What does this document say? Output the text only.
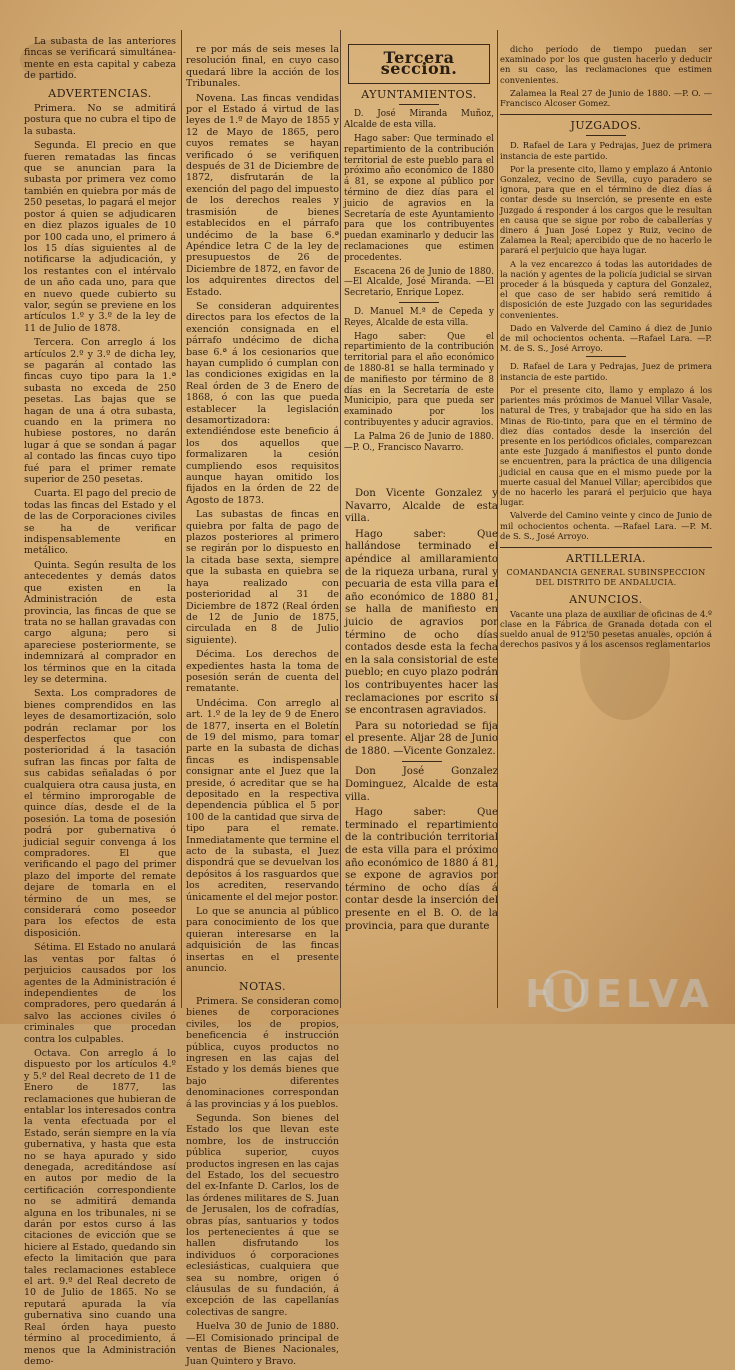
La subasta de las anteriores fincas se verificará simultánea-mente en esta capital y cabeza de partido.

ADVERTENCIAS.

Primera. No se admitirá postura que no cubra el tipo de la subasta.

Segunda. El precio en que fueren rematadas las fincas que se anuncian para la subasta por primera vez como también en quiebra por más de 250 pesetas, lo pagará el mejor postor á quien se adjudicaren en diez plazos iguales de 10 por 100 cada uno, el primero á los 15 días siguientes al de notificarse la adjudicación, y los restantes con el intérvalo de un año cada uno, para que en nuevo quede cubierto su valor, según se previene en los artículos 1.º y 3.º de la ley de 11 de Julio de 1878.

Tercera. Con arreglo á los artículos 2.º y 3.º de dicha ley, se pagarán al contado las fincas cuyo tipo para la 1.ª subasta no exceda de 250 pesetas. Las bajas que se hagan de una á otra subasta, cuando en la primera no hubiese postores, no darán lugar á que se sondan á pagar al contado las fincas cuyo tipo fué para el primer remate superior de 250 pesetas.

Cuarta. El pago del precio de todas las fincas del Estado y el de las de Corporaciones civiles se ha de verificar indispensablemente en metálico.

Quinta. Según resulta de los antecedentes y demás datos que existen en la Administración de esta provincia, las fincas de que se trata no se hallan gravadas con cargo alguna; pero si apareciese posteriormente, se indemnizará al comprador en los términos que en la citada ley se determina.

Sexta. Los compradores de bienes comprendidos en las leyes de desamortización, solo podrán reclamar por los desperfectos que con posterioridad á la tasación sufran las fincas por falta de sus cabidas señaladas ó por cualquiera otra causa justa, en el término improrogable de quince días, desde el de la posesión. La toma de posesión podrá por gubernativa ó judicial seguir convenga á los compradores. El que verificando el pago del primer plazo del importe del remate dejare de tomarla en el término de un mes, se considerará como poseedor para los efectos de esta disposición.

Sétima. El Estado no anulará las ventas por faltas ó perjuicios causados por los agentes de la Administración é independientes de los compradores, pero quedarán á salvo las acciones civiles ó criminales que procedan contra los culpables.

Octava. Con arreglo á lo dispuesto por los artículos 4.º y 5.º del Real decreto de 11 de Enero de 1877, las reclamaciones que hubieran de entablar los interesados contra la venta efectuada por el Estado, serán siempre en la vía gubernativa, y hasta que esta no se haya apurado y sido denegada, acreditándose así en autos por medio de la certificación correspondiente no se admitirá demanda alguna en los tribunales, ni se darán por estos curso á las citaciones de evicción que se hiciere al Estado, quedando sin efecto la limitación que para tales reclamaciones establece el art. 9.º del Real decreto de 10 de Julio de 1865. No se reputará apurada la vía gubernativa sino cuando una Real órden haya puesto término al procedimiento, á menos que la Administración demo-

re por más de seis meses la resolución final, en cuyo caso quedará libre la acción de los Tribunales.

Novena. Las fincas vendidas por el Estado á virtud de las leyes de 1.º de Mayo de 1855 y 12 de Mayo de 1865, pero cuyos remates se hayan verificado ó se verifiquen después de 31 de Diciembre de 1872, disfrutarán de la exención del pago del impuesto de los derechos reales y trasmisión de bienes establecidos en el párrafo undécimo de la base 6.ª Apéndice letra C de la ley de presupuestos de 26 de Diciembre de 1872, en favor de los adquirentes directos del Estado.

Se consideran adquirentes directos para los efectos de la exención consignada en el párrafo undécimo de dicha base 6.ª á los cesionarios que hayan cumplido ó cumplan con las condiciones exigidas en la Real órden de 3 de Enero de 1868, ó con las que pueda establecer la legislación desamortizadora: extendiéndose este beneficio á los dos aquellos que formalizaren la cesión cumpliendo esos requisitos aunque hayan omitido los fijados en la órden de 22 de Agosto de 1873.

Las subastas de fincas en quiebra por falta de pago de plazos posteriores al primero se regirán por lo dispuesto en la citada base sexta, siempre que la subasta en quiebra se haya realizado con posterioridad al 31 de Diciembre de 1872 (Real órden de 12 de Junio de 1875, circulada en 8 de Julio siguiente).

Décima. Los derechos de expedientes hasta la toma de posesión serán de cuenta del rematante.

Undécima. Con arreglo al art. 1.º de la ley de 9 de Enero de 1877, inserta en el Boletín de 19 del mismo, para tomar parte en la subasta de dichas fincas es indispensable consignar ante el Juez que la preside, ó acreditar que se ha depositado en la respectiva dependencia pública el 5 por 100 de la cantidad que sirva de tipo para el remate. Inmediatamente que termine el acto de la subasta, el Juez dispondrá que se devuelvan los depósitos á los rasguardos que los acrediten, reservando únicamente el del mejor postor.

Lo que se anuncia al público para conocimiento de los que quieran interesarse en la adquisición de las fincas insertas en el presente anuncio.

NOTAS.

Primera. Se consideran como bienes de corporaciones civiles, los de propios, beneficencia é instrucción pública, cuyos productos no ingresen en las cajas del Estado y los demás bienes que bajo diferentes denominaciones correspondan á las provincias y á los pueblos.

Segunda. Son bienes del Estado los que llevan este nombre, los de instrucción pública superior, cuyos productos ingresen en las cajas del Estado, los del secuestro del ex-Infante D. Carlos, los de las órdenes militares de S. Juan de Jerusalen, los de cofradías, obras pías, santuarios y todos los pertenecientes á que se hallen disfrutando los individuos ó corporaciones eclesiásticas, cualquiera que sea su nombre, origen ó cláusulas de su fundación, á excepción de las capellanías colectivas de sangre.

Huelva 30 de Junio de 1880. —El Comisionado principal de ventas de Bienes Nacionales, Juan Quintero y Bravo.

Tercera seccion.
AYUNTAMIENTOS.

D. José Miranda Muñoz, Alcalde de esta villa.

Hago saber: Que terminado el repartimiento de la contribución territorial de este pueblo para el próximo año económico de 1880 á 81, se expone al público por término de diez días para el juicio de agravios en la Secretaría de este Ayuntamiento para que los contribuyentes puedan examinarlo y deducir las reclamaciones que estimen procedentes.

Escacena 26 de Junio de 1880. —El Alcalde, José Miranda. —El Secretario, Enrique Lopez.

D. Manuel M.ª de Cepeda y Reyes, Alcalde de esta villa.

Hago saber: Que el repartimiento de la contribución territorial para el año económico de 1880-81 se halla terminado y de manifiesto por término de 8 días en la Secretaría de este Municipio, para que pueda ser examinado por los contribuyentes y aducir agravios.

La Palma 26 de Junio de 1880. —P. O., Francisco Navarro.

Don Vicente Gonzalez y Navarro, Alcalde de esta villa.

Hago saber: Que hallándose terminado el apéndice al amillaramiento de la riqueza urbana, rural y pecuaria de esta villa para el año económico de 1880 81, se halla de manifiesto en juicio de agravios por término de ocho días contados desde esta la fecha en la sala consistorial de este pueblo; en cuyo plazo podrán los contribuyentes hacer las reclamaciones por escrito si se encontrasen agraviados.

Para su notoriedad se fija el presente. Aljar 28 de Junio de 1880. —Vicente Gonzalez.

Don José Gonzalez Dominguez, Alcalde de esta villa.

Hago saber: Que terminado el repartimiento de la contribución territorial de esta villa para el próximo año económico de 1880 á 81, se expone de agravios por término de ocho días á contar desde la inserción del presente en el B. O. de la provincia, para que durante

dicho período de tiempo puedan ser examinado por los que gusten hacerlo y deducir en su caso, las reclamaciones que estimen convenientes.

Zalamea la Real 27 de Junio de 1880. —P. O. —Francisco Alcoser Gomez.

JUZGADOS.

D. Rafael de Lara y Pedrajas, Juez de primera instancia de este partido.

Por la presente cito, llamo y emplazo á Antonio Gonzalez, vecino de Sevilla, cuyo paradero se ignora, para que en el término de diez días á contar desde su inserción, se presente en este Juzgado á responder á los cargos que le resultan en causa que se sigue por robo de caballerías y dinero á Juan José Lopez y Ruiz, vecino de Zalamea la Real; apercibido que de no hacerlo le parará el perjuicio que haya lugar.

A la vez encarezco á todas las autoridades de la nación y agentes de la policía judicial se sirvan proceder á la búsqueda y captura del Gonzalez, el que caso de ser habido será remitido á disposición de este Juzgado con las seguridades convenientes.

Dado en Valverde del Camino á diez de Junio de mil ochocientos ochenta. —Rafael Lara. —P. M. de S. S., José Arroyo.

D. Rafael de Lara y Pedrajas, Juez de primera instancia de este partido.

Por el presente cito, llamo y emplazo á los parientes más próximos de Manuel Villar Vasale, natural de Tres, y trabajador que ha sido en las Minas de Rio-tinto, para que en el término de diez días contados desde la inserción del presente en los periódicos oficiales, comparezcan ante este Juzgado á manifiestos el punto donde se encuentren, para la práctica de una diligencia judicial en causa que en el mismo puede por la muerte casual del Manuel Villar; apercibidos que de no hacerlo les parará el perjuicio que haya lugar.

Valverde del Camino veinte y cinco de Junio de mil ochocientos ochenta. —Rafael Lara. —P. M. de S. S., José Arroyo.

ARTILLERIA.

COMANDANCIA GENERAL SUBINSPECCION DEL DISTRITO DE ANDALUCIA.

ANUNCIOS.

Vacante una plaza de auxiliar de oficinas de 4.º clase en la Fábrica de Granada dotada con el sueldo anual de 912'50 pesetas anuales, opción á derechos pasivos y á los ascensos reglamentarios

HUELVA
